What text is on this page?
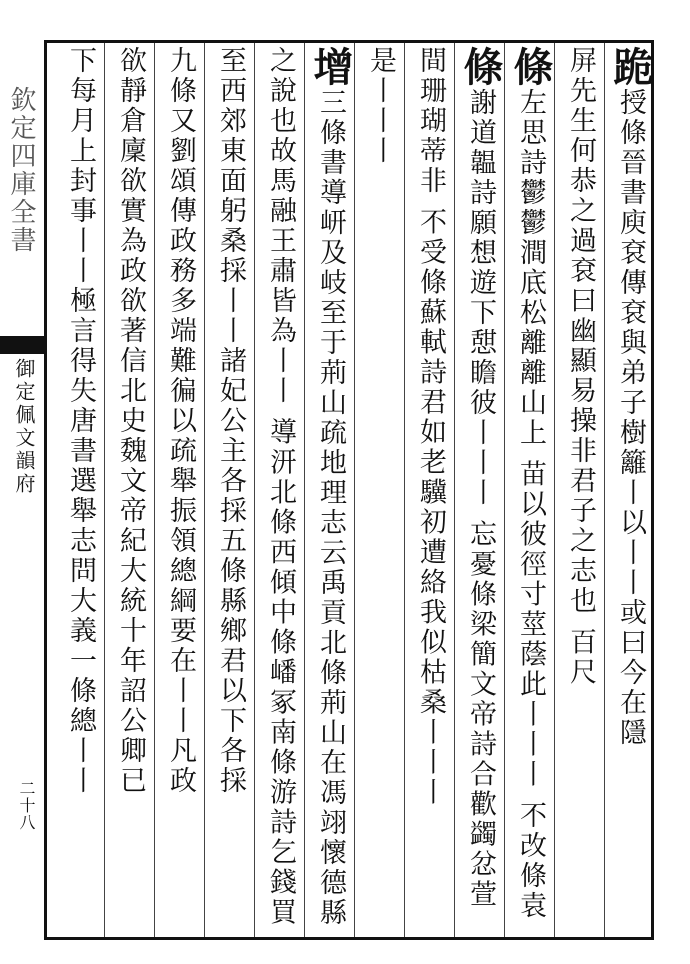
欽定四庫全書
御定佩文韻府
二十八
跪授條晉書庾袞傳袞與弟子樹籬丨以丨丨或曰今在隱
屏先生何恭之過袞曰幽顯易操非君子之志也 百尺
條左思詩鬱鬱澗底松離離山上 苗以彼徑寸莖蔭此丨丨丨 不改條袁
條謝道韞詩願想遊下憇瞻彼丨丨丨 忘憂條梁簡文帝詩合歡蠲忿萱
間珊瑚蒂非 不受條蘇軾詩君如老驥初遭絡我似枯桑丨丨丨
是丨丨丨
增三條書導岍及岐至于荊山疏地理志云禹貢北條荊山在馮翊懷德縣
之說也故馬融王肅皆為丨丨 導汧北條西傾中條嶓冢南條游詩乞錢買
至西郊東面躬桑採丨丨諸妃公主各採五條縣鄉君以下各採
九條又劉頌傳政務多端難徧以疏舉振領總綱要在丨丨凡政
欲靜倉廩欲實為政欲著信北史魏文帝紀大統十年詔公卿已
下每月上封事丨丨極言得失唐書選舉志問大義一條總丨丨
